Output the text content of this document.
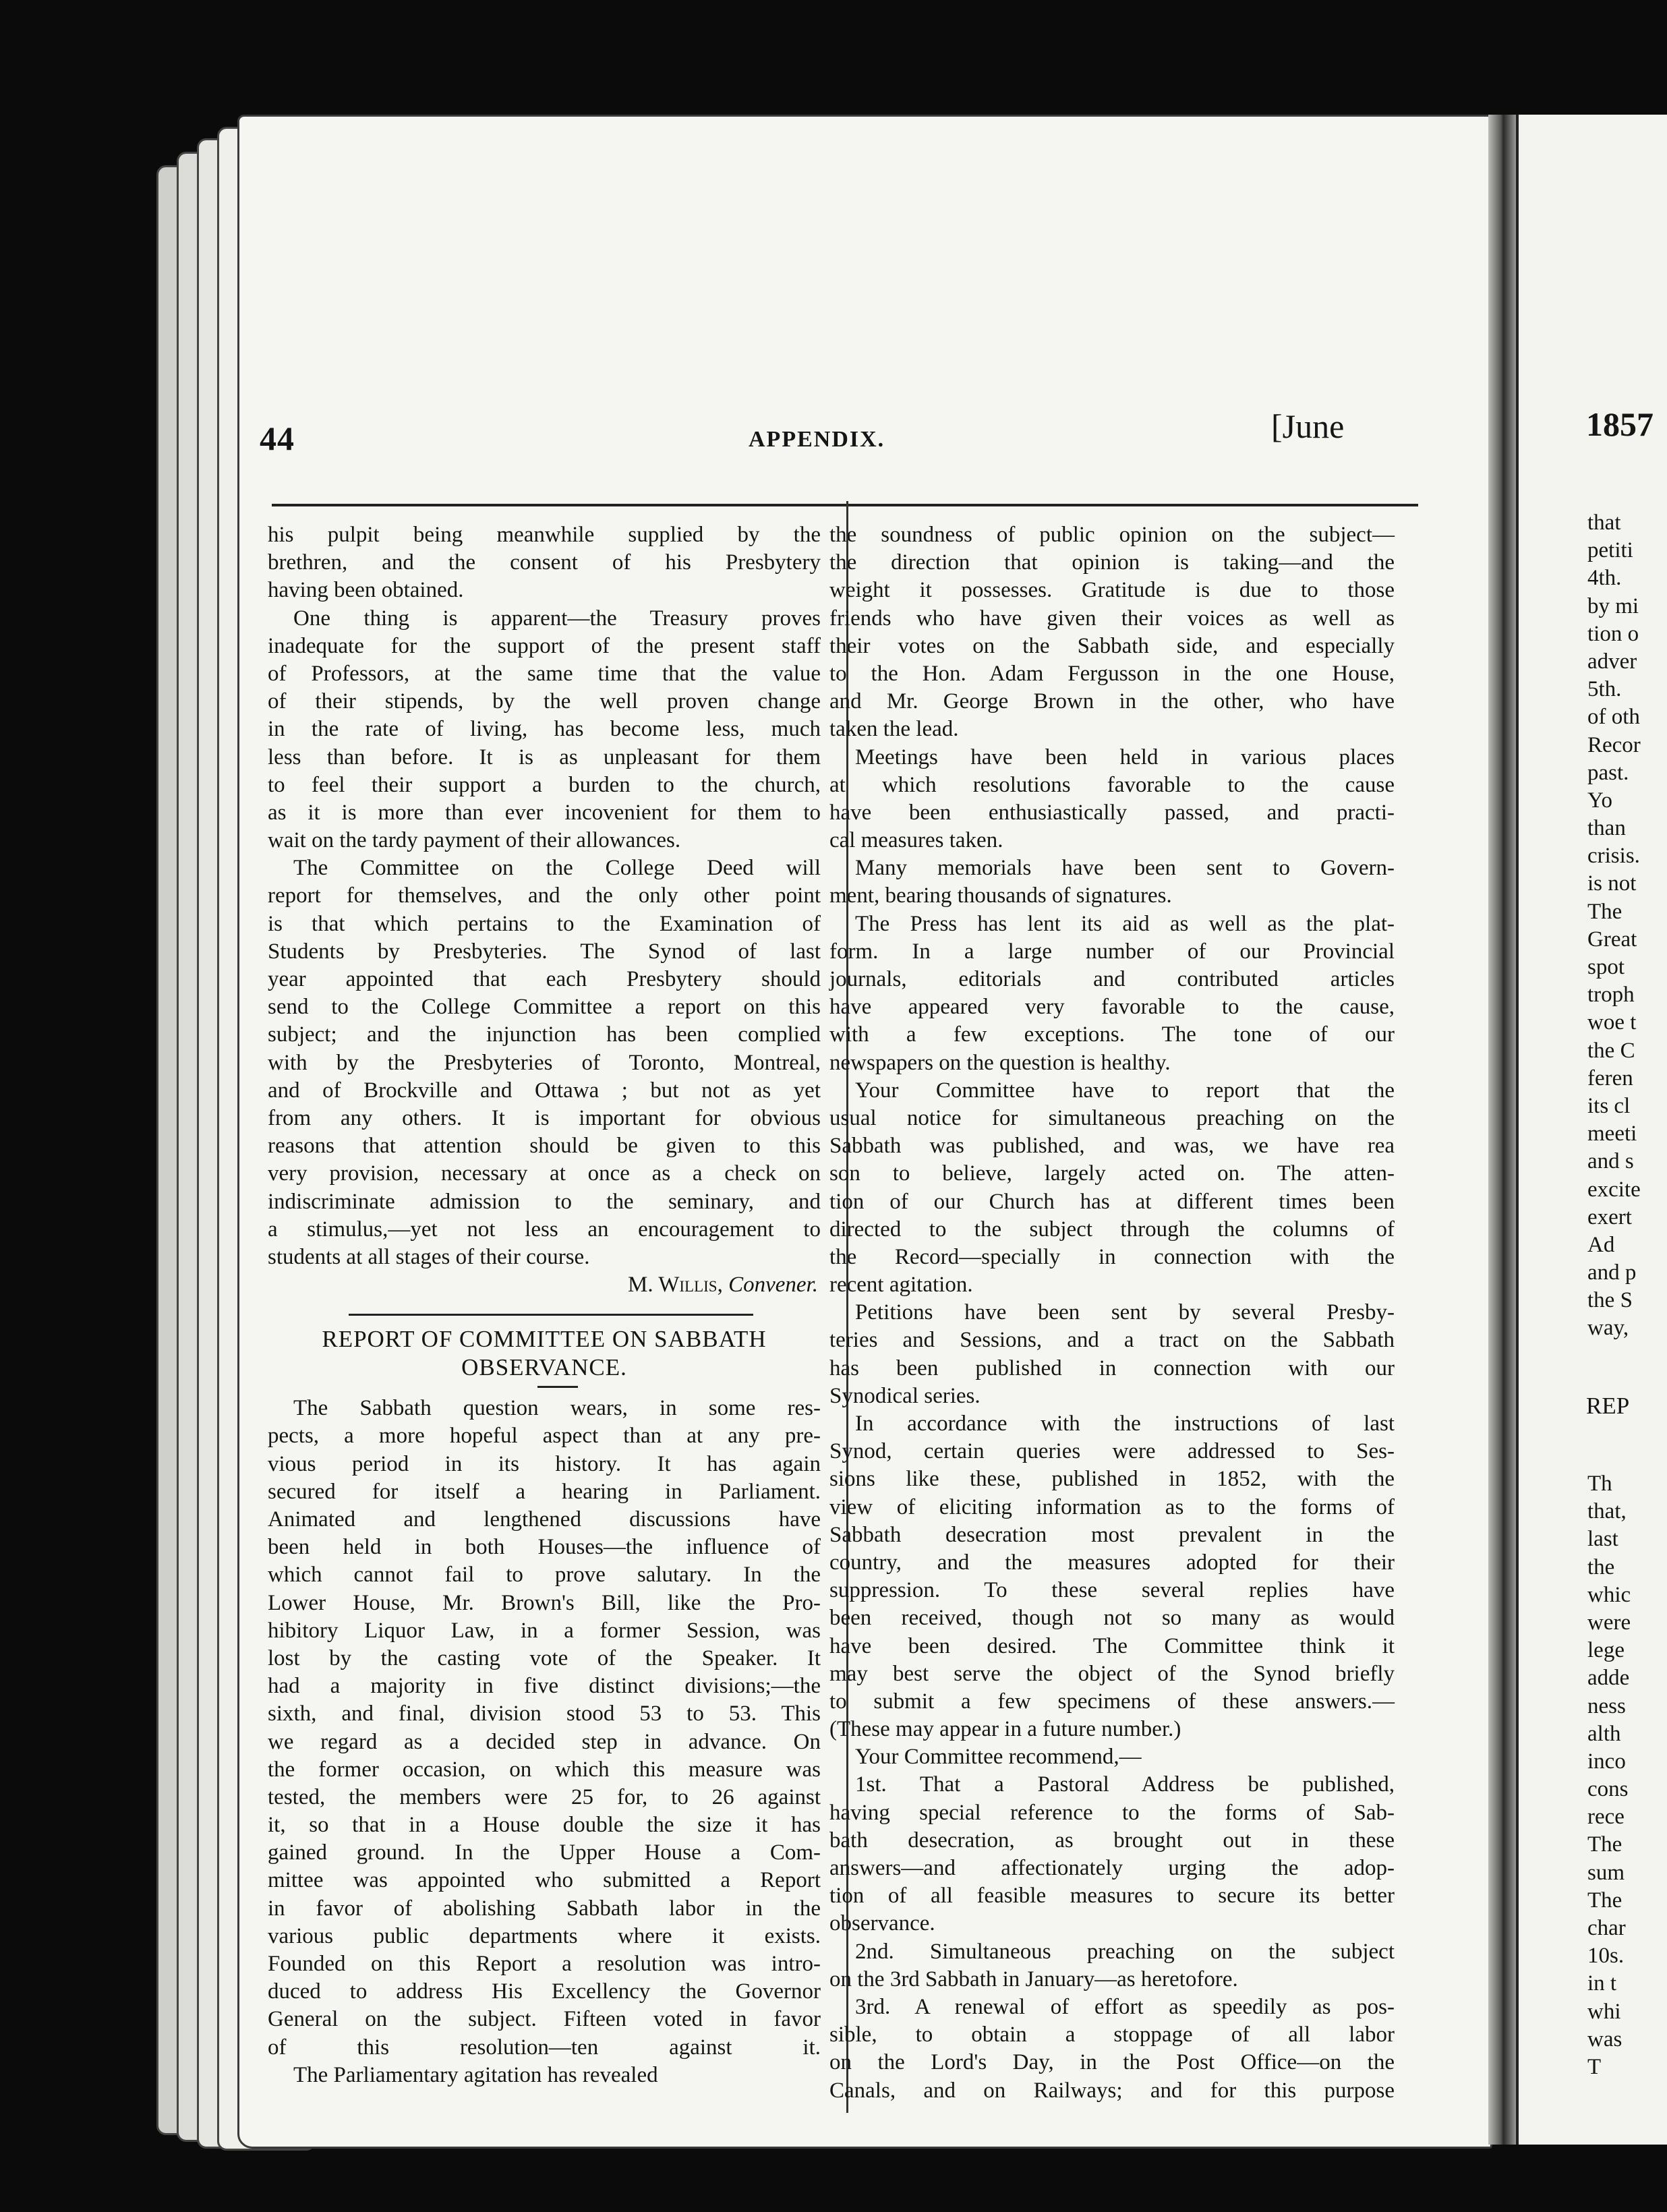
44	APPENDIX.	[June
his pulpit being meanwhile supplied by the
brethren, and the consent of his Presbytery
having been obtained.
One thing is apparent—the Treasury proves
inadequate for the support of the present staff
of Professors, at the same time that the value
of their stipends, by the well proven change
in the rate of living, has become less, much
less than before. It is as unpleasant for them
to feel their support a burden to the church,
as it is more than ever incovenient for them to
wait on the tardy payment of their allowances.
The Committee on the College Deed will
report for themselves, and the only other point
is that which pertains to the Examination of
Students by Presbyteries. The Synod of last
year appointed that each Presbytery should
send to the College Committee a report on this
subject; and the injunction has been complied
with by the Presbyteries of Toronto, Montreal,
and of Brockville and Ottawa ; but not as yet
from any others. It is important for obvious
reasons that attention should be given to this
very provision, necessary at once as a check on
indiscriminate admission to the seminary, and
a stimulus,—yet not less an encouragement to
students at all stages of their course.
M. Willis, Convener.
REPORT OF COMMITTEE ON SABBATH
OBSERVANCE.
The Sabbath question wears, in some res-
pects, a more hopeful aspect than at any pre-
vious period in its history. It has again
secured for itself a hearing in Parliament.
Animated and lengthened discussions have
been held in both Houses—the influence of
which cannot fail to prove salutary. In the
Lower House, Mr. Brown's Bill, like the Pro-
hibitory Liquor Law, in a former Session, was
lost by the casting vote of the Speaker. It
had a majority in five distinct divisions;—the
sixth, and final, division stood 53 to 53. This
we regard as a decided step in advance. On
the former occasion, on which this measure was
tested, the members were 25 for, to 26 against
it, so that in a House double the size it has
gained ground. In the Upper House a Com-
mittee was appointed who submitted a Report
in favor of abolishing Sabbath labor in the
various public departments where it exists.
Founded on this Report a resolution was intro-
duced to address His Excellency the Governor
General on the subject. Fifteen voted in favor
of this resolution—ten against it.
The Parliamentary agitation has revealed
the soundness of public opinion on the subject—
the direction that opinion is taking—and the
weight it possesses. Gratitude is due to those
friends who have given their voices as well as
their votes on the Sabbath side, and especially
to the Hon. Adam Fergusson in the one House,
and Mr. George Brown in the other, who have
taken the lead.
Meetings have been held in various places
at which resolutions favorable to the cause
have been enthusiastically passed, and practi-
cal measures taken.
Many memorials have been sent to Govern-
ment, bearing thousands of signatures.
The Press has lent its aid as well as the plat-
form. In a large number of our Provincial
journals, editorials and contributed articles
have appeared very favorable to the cause,
with a few exceptions. The tone of our
newspapers on the question is healthy.
Your Committee have to report that the
usual notice for simultaneous preaching on the
Sabbath was published, and was, we have rea
son to believe, largely acted on. The atten-
tion of our Church has at different times been
directed to the subject through the columns of
the Record—specially in connection with the
recent agitation.
Petitions have been sent by several Presby-
teries and Sessions, and a tract on the Sabbath
has been published in connection with our
Synodical series.
In accordance with the instructions of last
Synod, certain queries were addressed to Ses-
sions like these, published in 1852, with the
view of eliciting information as to the forms of
Sabbath desecration most prevalent in the
country, and the measures adopted for their
suppression. To these several replies have
been received, though not so many as would
have been desired. The Committee think it
may best serve the object of the Synod briefly
to submit a few specimens of these answers.—
(These may appear in a future number.)
Your Committee recommend,—
1st. That a Pastoral Address be published,
having special reference to the forms of Sab-
bath desecration, as brought out in these
answers—and affectionately urging the adop-
tion of all feasible measures to secure its better
observance.
2nd. Simultaneous preaching on the subject
on the 3rd Sabbath in January—as heretofore.
3rd. A renewal of effort as speedily as pos-
sible, to obtain a stoppage of all labor
on the Lord's Day, in the Post Office—on the
Canals, and on Railways; and for this purpose
1857
that
petiti
4th.
by mi
tion o
adver
5th.
of oth
Recor
past.
Yo
than
crisis.
is not
The
Great
spot
troph
woe t
the C
feren
its cl
meeti
and s
excite
exert
Ad
and p
the S
way,
REP
Th
that,
last
the
whic
were
lege
adde
ness
alth
inco
cons
rece
The
sum
The
char
10s.
in t
whi
was
T
